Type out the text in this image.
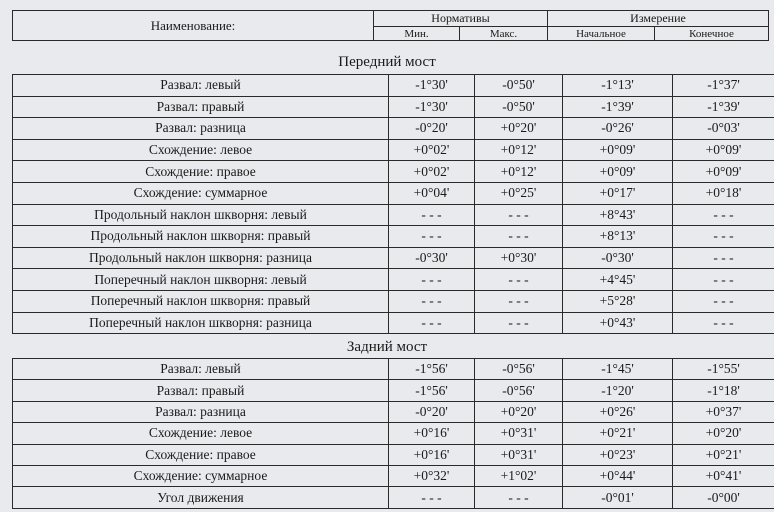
Наименование:	Нормативы		Измерение	
	Мин.	Макс.	Начальное	Конечное
Передний мост
Развал: левый	-1°30'	-0°50'	-1°13'	-1°37'
Развал: правый	-1°30'	-0°50'	-1°39'	-1°39'
Развал: разница	-0°20'	+0°20'	-0°26'	-0°03'
Схождение: левое	+0°02'	+0°12'	+0°09'	+0°09'
Схождение: правое	+0°02'	+0°12'	+0°09'	+0°09'
Схождение: суммарное	+0°04'	+0°25'	+0°17'	+0°18'
Продольный наклон шкворня: левый	- - -	- - -	+8°43'	- - -
Продольный наклон шкворня: правый	- - -	- - -	+8°13'	- - -
Продольный наклон шкворня: разница	-0°30'	+0°30'	-0°30'	- - -
Поперечный наклон шкворня: левый	- - -	- - -	+4°45'	- - -
Поперечный наклон шкворня: правый	- - -	- - -	+5°28'	- - -
Поперечный наклон шкворня: разница	- - -	- - -	+0°43'	- - -
Задний мост
Развал: левый	-1°56'	-0°56'	-1°45'	-1°55'
Развал: правый	-1°56'	-0°56'	-1°20'	-1°18'
Развал: разница	-0°20'	+0°20'	+0°26'	+0°37'
Схождение: левое	+0°16'	+0°31'	+0°21'	+0°20'
Схождение: правое	+0°16'	+0°31'	+0°23'	+0°21'
Схождение: суммарное	+0°32'	+1°02'	+0°44'	+0°41'
Угол движения	- - -	- - -	-0°01'	-0°00'
